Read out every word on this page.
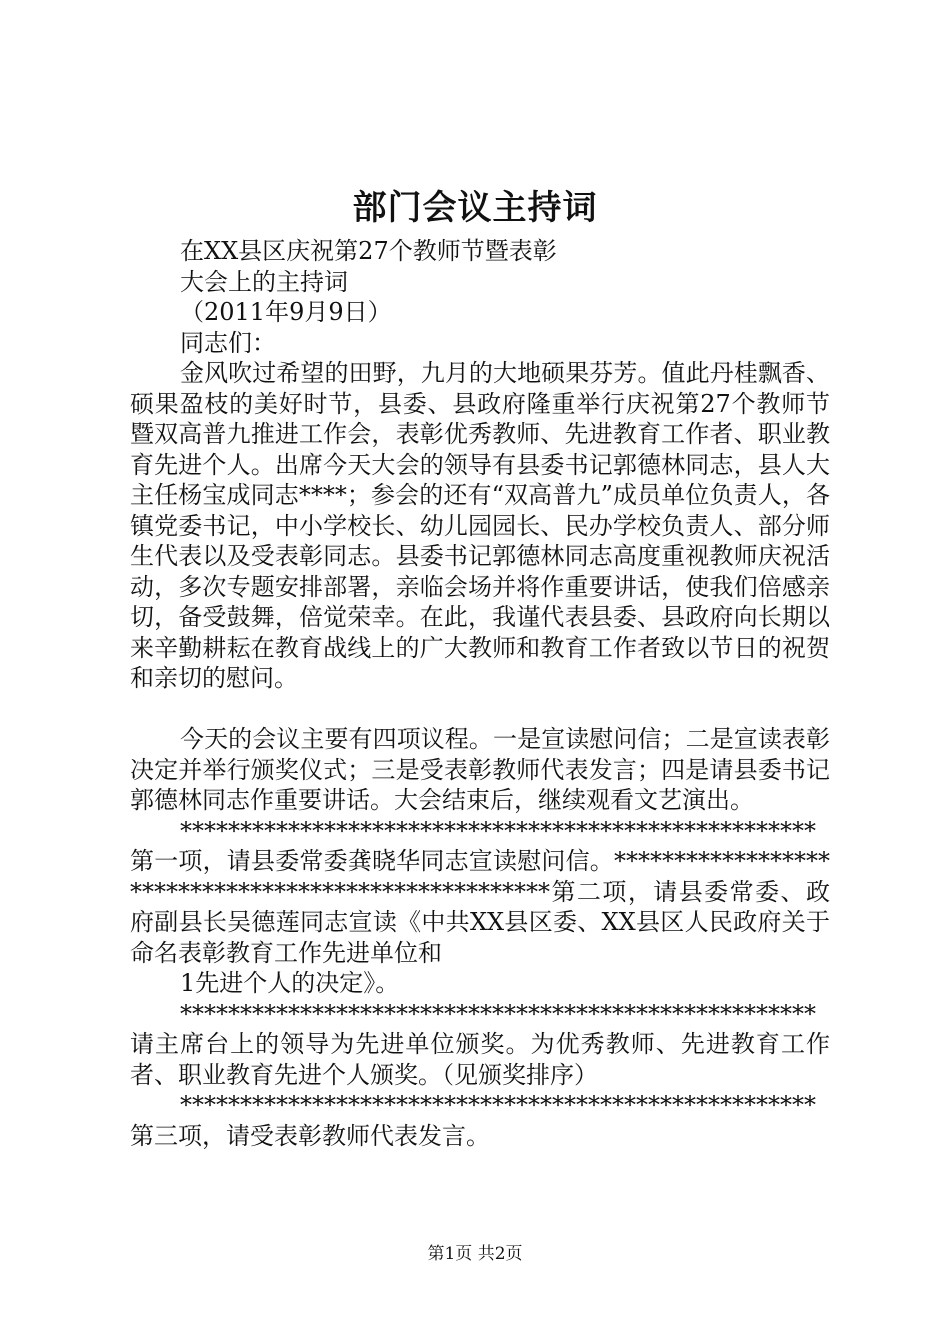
部门会议主持词
在XX县区庆祝第27个教师节暨表彰
大会上的主持词
（2011年9月9日）
同志们：
金风吹过希望的田野，九月的大地硕果芬芳。值此丹桂飘香、硕果盈枝的美好时节，县委、县政府隆重举行庆祝第27个教师节暨双高普九推进工作会，表彰优秀教师、先进教育工作者、职业教育先进个人。出席今天大会的领导有县委书记郭德林同志，县人大主任杨宝成同志****；参会的还有“双高普九”成员单位负责人，各镇党委书记，中小学校长、幼儿园园长、民办学校负责人、部分师生代表以及受表彰同志。县委书记郭德林同志高度重视教师庆祝活动，多次专题安排部署，亲临会场并将作重要讲话，使我们倍感亲切，备受鼓舞，倍觉荣幸。在此，我谨代表县委、县政府向长期以来辛勤耕耘在教育战线上的广大教师和教育工作者致以节日的祝贺和亲切的慰问。
今天的会议主要有四项议程。一是宣读慰问信；二是宣读表彰决定并举行颁奖仪式；三是受表彰教师代表发言；四是请县委书记郭德林同志作重要讲话。大会结束后，继续观看文艺演出。
*****************************************************第一项，请县委常委龚晓华同志宣读慰问信。*****************************************************第二项，请县委常委、政府副县长吴德莲同志宣读《中共XX县区委、XX县区人民政府关于命名表彰教育工作先进单位和
1先进个人的决定》。
*****************************************************请主席台上的领导为先进单位颁奖。为优秀教师、先进教育工作者、职业教育先进个人颁奖。（见颁奖排序）
*****************************************************第三项，请受表彰教师代表发言。
第1页 共2页
